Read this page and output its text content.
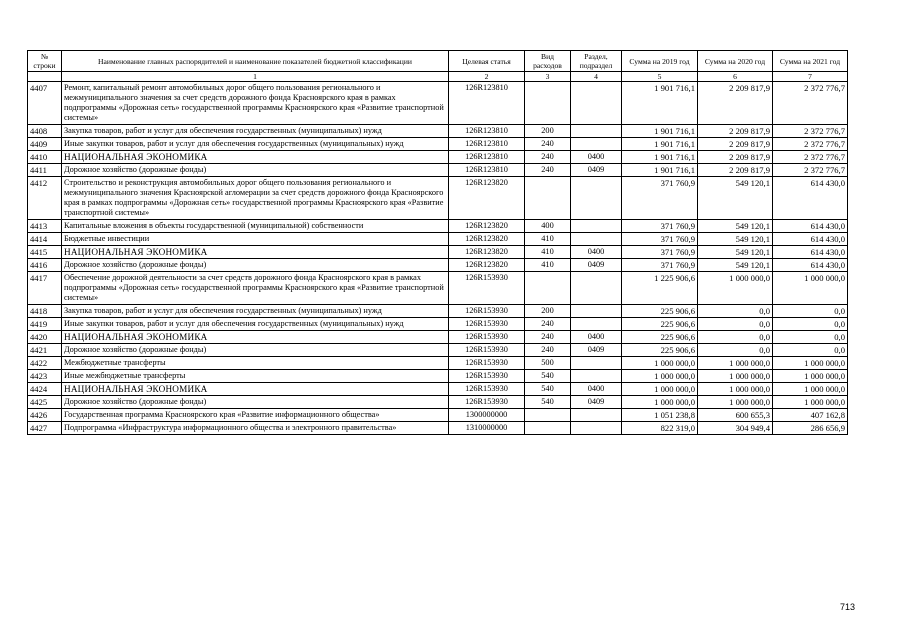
№ строки	Наименование главных распорядителей и наименование показателей бюджетной классификации	Целевая статья	Вид расходов	Раздел, подраздел	Сумма на 2019 год	Сумма на 2020 год	Сумма на 2021 год
	1	2	3	4	5	6	7
4407	Ремонт, капитальный ремонт автомобильных дорог общего пользования регионального и межмуниципального значения за счет средств дорожного фонда Красноярского края в рамках подпрограммы «Дорожная сеть» государственной программы Красноярского края «Развитие транспортной системы»	126R123810			1 901 716,1	2 209 817,9	2 372 776,7
4408	Закупка товаров, работ и услуг для обеспечения государственных (муниципальных) нужд	126R123810	200		1 901 716,1	2 209 817,9	2 372 776,7
4409	Иные закупки товаров, работ и услуг для обеспечения государственных (муниципальных) нужд	126R123810	240		1 901 716,1	2 209 817,9	2 372 776,7
4410	НАЦИОНАЛЬНАЯ ЭКОНОМИКА	126R123810	240	0400	1 901 716,1	2 209 817,9	2 372 776,7
4411	Дорожное хозяйство (дорожные фонды)	126R123810	240	0409	1 901 716,1	2 209 817,9	2 372 776,7
4412	Строительство и реконструкция автомобильных дорог общего пользования регионального и межмуниципального значения Красноярской агломерации за счет средств дорожного фонда Красноярского края в рамках подпрограммы «Дорожная сеть» государственной программы Красноярского края «Развитие транспортной системы»	126R123820			371 760,9	549 120,1	614 430,0
4413	Капитальные вложения в объекты государственной (муниципальной) собственности	126R123820	400		371 760,9	549 120,1	614 430,0
4414	Бюджетные инвестиции	126R123820	410		371 760,9	549 120,1	614 430,0
4415	НАЦИОНАЛЬНАЯ ЭКОНОМИКА	126R123820	410	0400	371 760,9	549 120,1	614 430,0
4416	Дорожное хозяйство (дорожные фонды)	126R123820	410	0409	371 760,9	549 120,1	614 430,0
4417	Обеспечение дорожной деятельности за счет средств дорожного фонда Красноярского края в рамках подпрограммы «Дорожная сеть» государственной программы Красноярского края «Развитие транспортной системы»	126R153930			1 225 906,6	1 000 000,0	1 000 000,0
4418	Закупка товаров, работ и услуг для обеспечения государственных (муниципальных) нужд	126R153930	200		225 906,6	0,0	0,0
4419	Иные закупки товаров, работ и услуг для обеспечения государственных (муниципальных) нужд	126R153930	240		225 906,6	0,0	0,0
4420	НАЦИОНАЛЬНАЯ ЭКОНОМИКА	126R153930	240	0400	225 906,6	0,0	0,0
4421	Дорожное хозяйство (дорожные фонды)	126R153930	240	0409	225 906,6	0,0	0,0
4422	Межбюджетные трансферты	126R153930	500		1 000 000,0	1 000 000,0	1 000 000,0
4423	Иные межбюджетные трансферты	126R153930	540		1 000 000,0	1 000 000,0	1 000 000,0
4424	НАЦИОНАЛЬНАЯ ЭКОНОМИКА	126R153930	540	0400	1 000 000,0	1 000 000,0	1 000 000,0
4425	Дорожное хозяйство (дорожные фонды)	126R153930	540	0409	1 000 000,0	1 000 000,0	1 000 000,0
4426	Государственная программа Красноярского края «Развитие информационного общества»	1300000000			1 051 238,8	600 655,3	407 162,8
4427	Подпрограмма «Инфраструктура информационного общества и электронного правительства»	1310000000			822 319,0	304 949,4	286 656,9
713
